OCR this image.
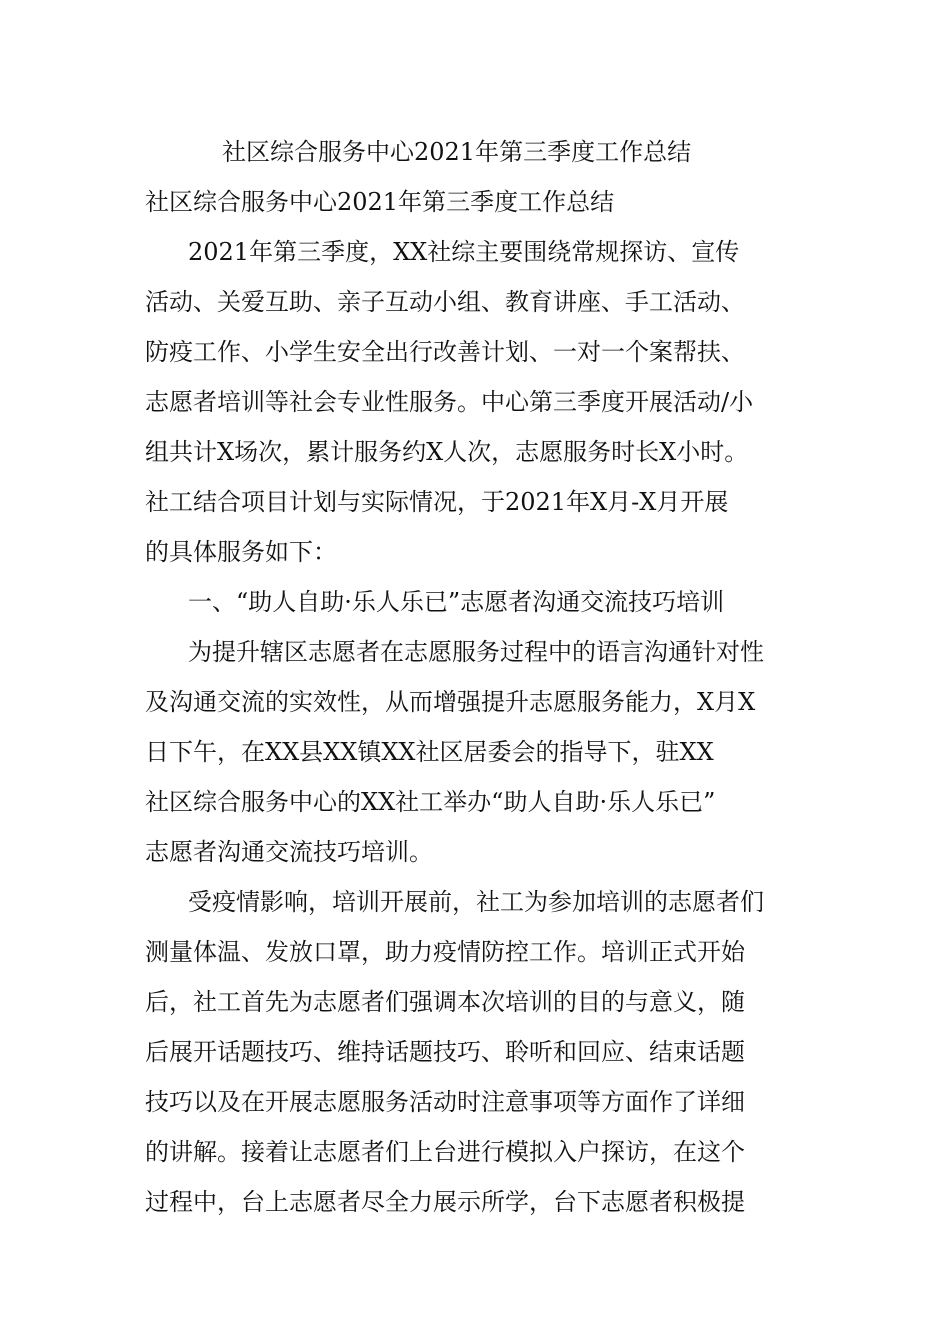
社区综合服务中心2021年第三季度工作总结
社区综合服务中心2021年第三季度工作总结
2021年第三季度，XX社综主要围绕常规探访、宣传
活动、关爱互助、亲子互动小组、教育讲座、手工活动、
防疫工作、小学生安全出行改善计划、一对一个案帮扶、
志愿者培训等社会专业性服务。中心第三季度开展活动/小
组共计X场次，累计服务约X人次，志愿服务时长X小时。
社工结合项目计划与实际情况，于2021年X月-X月开展
的具体服务如下：
一、“助人自助·乐人乐已”志愿者沟通交流技巧培训
为提升辖区志愿者在志愿服务过程中的语言沟通针对性
及沟通交流的实效性，从而增强提升志愿服务能力，X月X
日下午，在XX县XX镇XX社区居委会的指导下，驻XX
社区综合服务中心的XX社工举办“助人自助·乐人乐已”
志愿者沟通交流技巧培训。
受疫情影响，培训开展前，社工为参加培训的志愿者们
测量体温、发放口罩，助力疫情防控工作。培训正式开始
后，社工首先为志愿者们强调本次培训的目的与意义，随
后展开话题技巧、维持话题技巧、聆听和回应、结束话题
技巧以及在开展志愿服务活动时注意事项等方面作了详细
的讲解。接着让志愿者们上台进行模拟入户探访，在这个
过程中，台上志愿者尽全力展示所学，台下志愿者积极提
